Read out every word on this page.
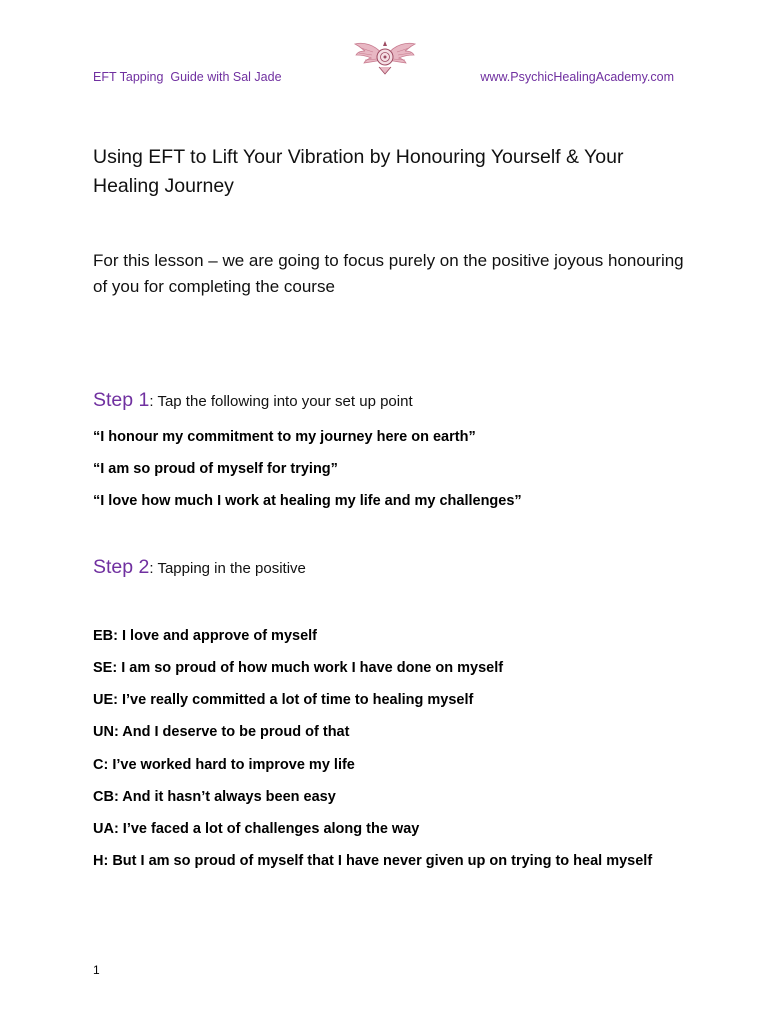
EFT Tapping  Guide with Sal Jade	www.PsychicHealingAcademy.com
Using EFT to Lift Your Vibration by Honouring Yourself & Your Healing Journey
For this lesson – we are going to focus purely on the positive joyous honouring of you for completing the course
Step 1: Tap the following into your set up point
“I honour my commitment to my journey here on earth”
“I am so proud of myself for trying”
“I love how much I work at healing my life and my challenges”
Step 2: Tapping in the positive
EB: I love and approve of myself
SE: I am so proud of how much work I have done on myself
UE: I’ve really committed a lot of time to healing myself
UN: And I deserve to be proud of that
C: I’ve worked hard to improve my life
CB: And it hasn’t always been easy
UA: I’ve faced a lot of challenges along the way
H: But I am so proud of myself that I have never given up on trying to heal myself
1
